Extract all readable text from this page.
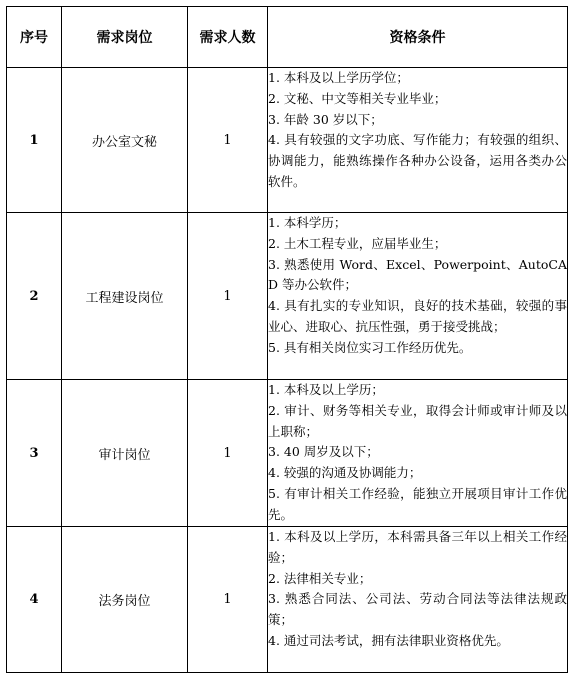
序号	需求岗位	需求人数	资格条件
1	办公室文秘	1	1. 本科及以上学历学位；
2. 文秘、中文等相关专业毕业；
3. 年龄 30 岁以下；
4. 具有较强的文字功底、写作能力；有较强的组织、协调能力，能熟练操作各种办公设备，运用各类办公软件。

2	工程建设岗位	1	1. 本科学历；
2. 土木工程专业，应届毕业生；
3. 熟悉使用 Word、Excel、Powerpoint、AutoCAD 等办公软件；
4. 具有扎实的专业知识，良好的技术基础，较强的事业心、进取心、抗压性强，勇于接受挑战；
5. 具有相关岗位实习工作经历优先。

3	审计岗位	1	1. 本科及以上学历；
2. 审计、财务等相关专业，取得会计师或审计师及以上职称；
3. 40 周岁及以下；
4. 较强的沟通及协调能力；
5. 有审计相关工作经验，能独立开展项目审计工作优先。

4	法务岗位	1	1. 本科及以上学历，本科需具备三年以上相关工作经验；
2. 法律相关专业；
3. 熟悉合同法、公司法、劳动合同法等法律法规政策；
4. 通过司法考试，拥有法律职业资格优先。
